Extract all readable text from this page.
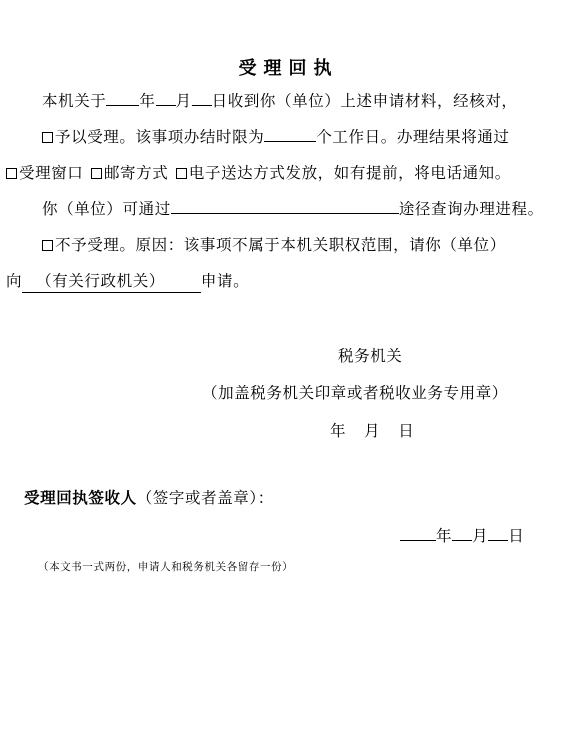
受理回执
本机关于 年 月 日收到你（单位）上述申请材料，经核对，
予以受理。该事项办结时限为	个工作日。办理结果将通过
受理窗口 邮寄方式 电子送达方式发放，如有提前，将电话通知。
你（单位）可通过	途径查询办理进程。
不予受理。原因：该事项不属于本机关职权范围，请你（单位）
向 （有关行政机关） 申请。
税务机关
（加盖税务机关印章或者税收业务专用章）
年 月 日
受理回执签收人（签字或者盖章）：
年 月 日
（本文书一式两份，申请人和税务机关各留存一份）
